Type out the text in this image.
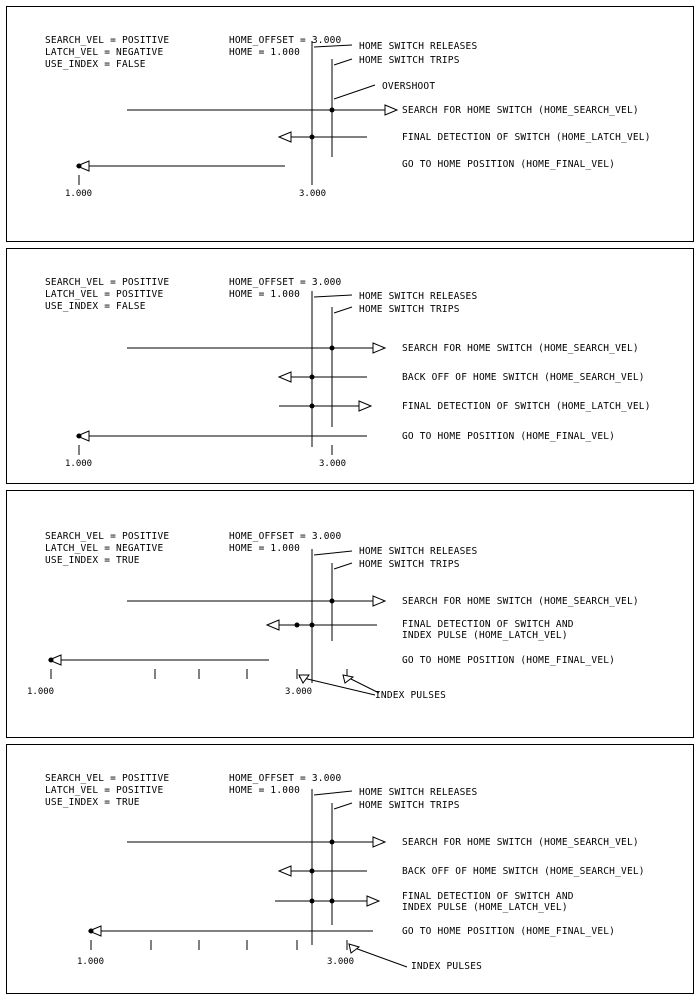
SEARCH_VEL = POSITIVE
LATCH_VEL = NEGATIVE
USE_INDEX = FALSE
HOME_OFFSET = 3.000
HOME = 1.000
HOME SWITCH RELEASES
HOME SWITCH TRIPS
OVERSHOOT
SEARCH FOR HOME SWITCH (HOME_SEARCH_VEL)
FINAL DETECTION OF SWITCH (HOME_LATCH_VEL)
GO TO HOME POSITION (HOME_FINAL_VEL)
1.000	3.000
SEARCH_VEL = POSITIVE
LATCH_VEL = POSITIVE
USE_INDEX = FALSE
HOME_OFFSET = 3.000
HOME = 1.000	HOME SWITCH RELEASES
HOME SWITCH TRIPS
SEARCH FOR HOME SWITCH (HOME_SEARCH_VEL)
BACK OFF OF HOME SWITCH (HOME_SEARCH_VEL)
FINAL DETECTION OF SWITCH (HOME_LATCH_VEL)
GO TO HOME POSITION (HOME_FINAL_VEL)
1.000	3.000
SEARCH_VEL = POSITIVE
LATCH_VEL = NEGATIVE
USE_INDEX = TRUE
HOME_OFFSET = 3.000
HOME = 1.000	HOME SWITCH RELEASES
HOME SWITCH TRIPS
SEARCH FOR HOME SWITCH (HOME_SEARCH_VEL)
FINAL DETECTION OF SWITCH AND
INDEX PULSE (HOME_LATCH_VEL)
GO TO HOME POSITION (HOME_FINAL_VEL)
1.000	3.000	INDEX PULSES
SEARCH_VEL = POSITIVE
LATCH_VEL = POSITIVE
USE_INDEX = TRUE
HOME_OFFSET = 3.000
HOME = 1.000	HOME SWITCH RELEASES
HOME SWITCH TRIPS
SEARCH FOR HOME SWITCH (HOME_SEARCH_VEL)
BACK OFF OF HOME SWITCH (HOME_SEARCH_VEL)
FINAL DETECTION OF SWITCH AND
INDEX PULSE (HOME_LATCH_VEL)
GO TO HOME POSITION (HOME_FINAL_VEL)
1.000	3.000	INDEX PULSES
